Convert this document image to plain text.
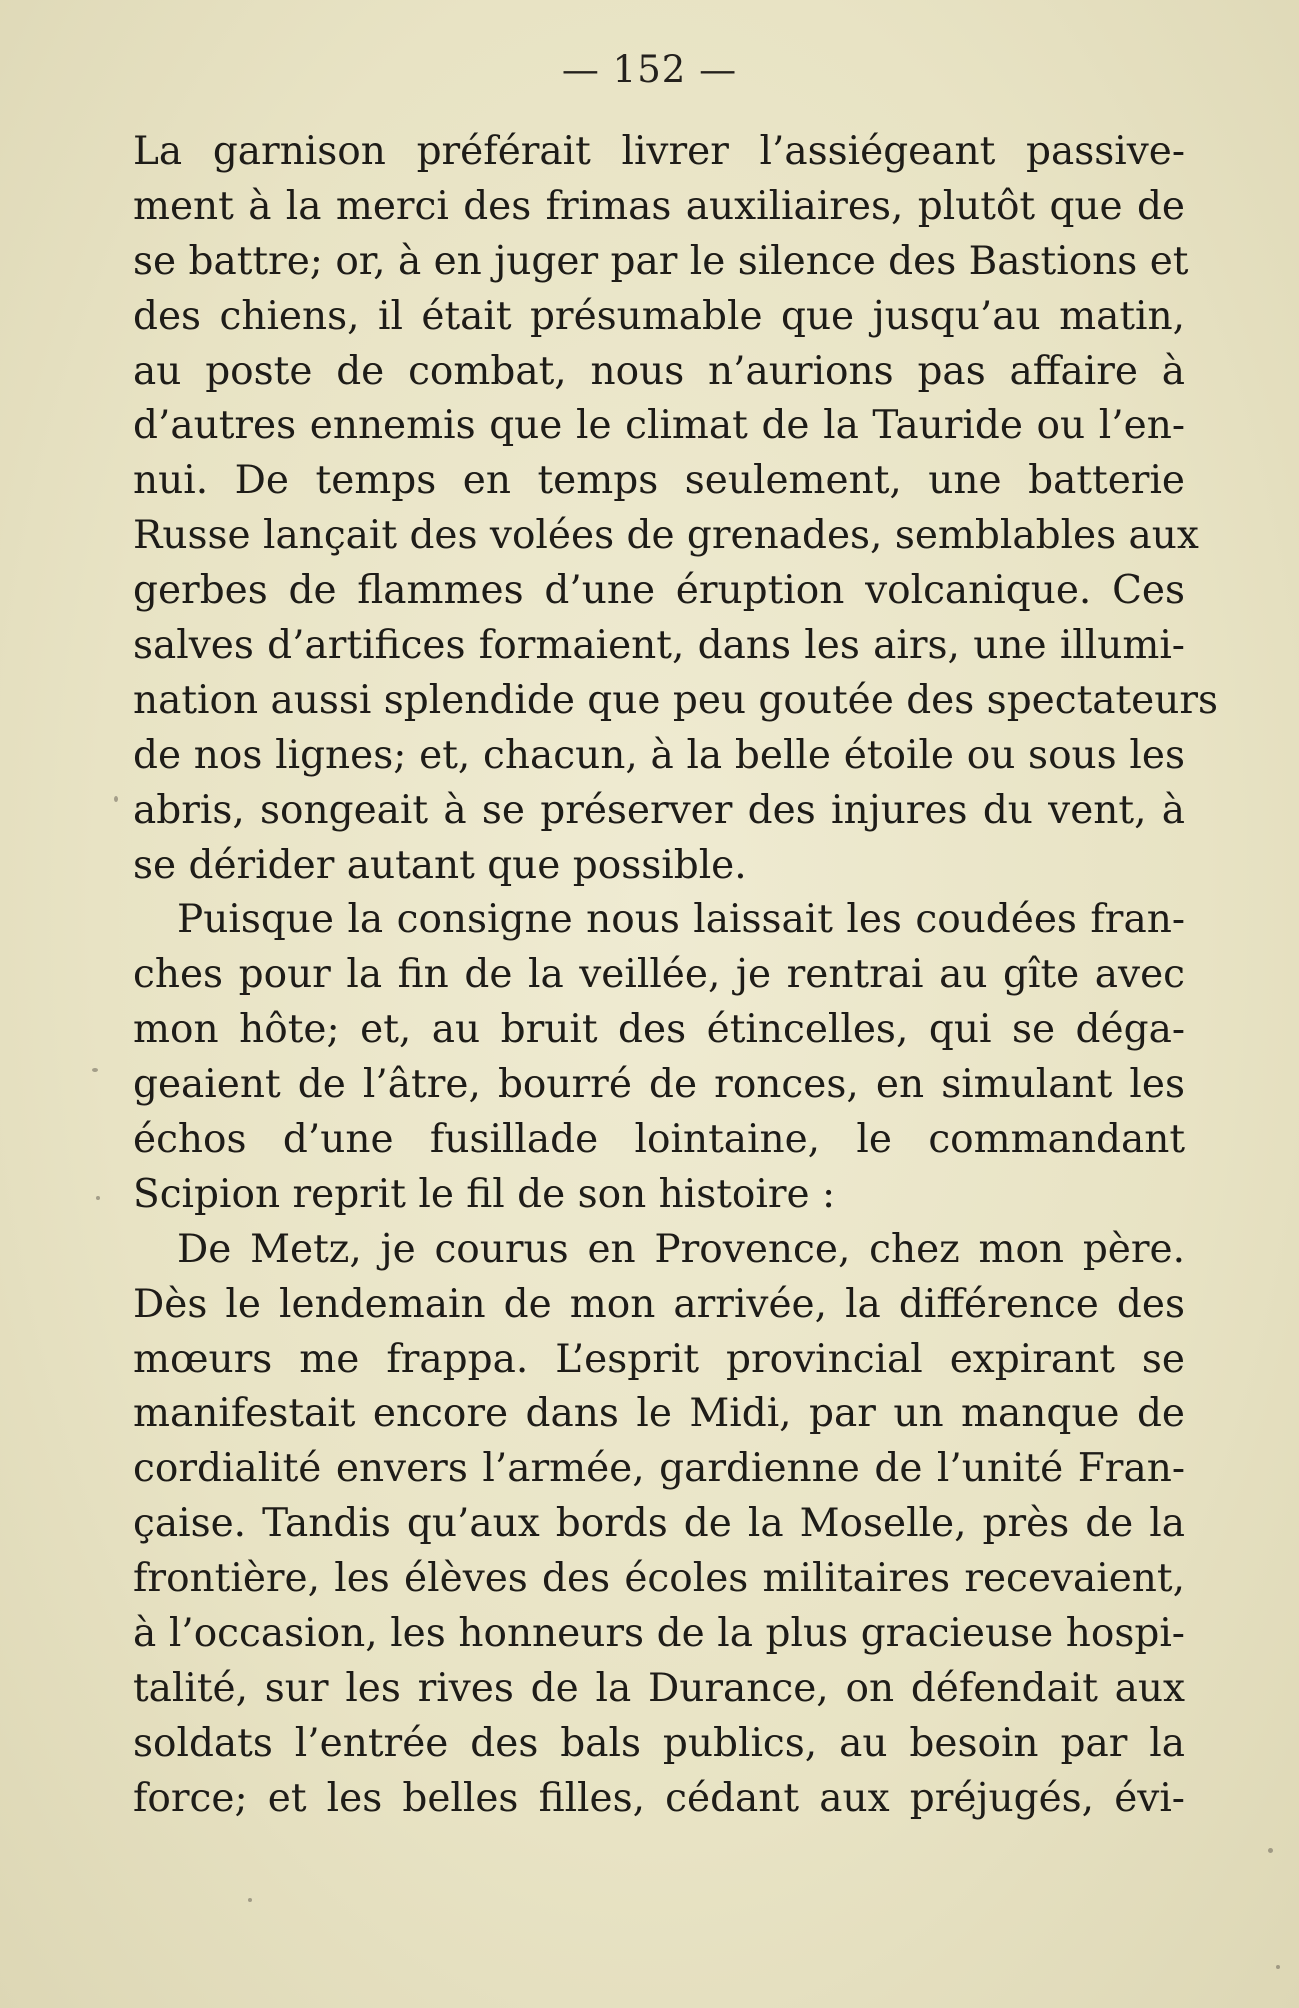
— 152 —
La garnison préférait livrer l’assiégeant passive-
ment à la merci des frimas auxiliaires, plutôt que de
se battre; or, à en juger par le silence des Bastions et
des chiens, il était présumable que jusqu’au matin,
au poste de combat, nous n’aurions pas affaire à
d’autres ennemis que le climat de la Tauride ou l’en-
nui. De temps en temps seulement, une batterie
Russe lançait des volées de grenades, semblables aux
gerbes de flammes d’une éruption volcanique. Ces
salves d’artifices formaient, dans les airs, une illumi-
nation aussi splendide que peu goutée des spectateurs
de nos lignes; et, chacun, à la belle étoile ou sous les
abris, songeait à se préserver des injures du vent, à
se dérider autant que possible.
Puisque la consigne nous laissait les coudées fran-
ches pour la fin de la veillée, je rentrai au gîte avec
mon hôte; et, au bruit des étincelles, qui se déga-
geaient de l’âtre, bourré de ronces, en simulant les
échos d’une fusillade lointaine, le commandant
Scipion reprit le fil de son histoire :
De Metz, je courus en Provence, chez mon père.
Dès le lendemain de mon arrivée, la différence des
mœurs me frappa. L’esprit provincial expirant se
manifestait encore dans le Midi, par un manque de
cordialité envers l’armée, gardienne de l’unité Fran-
çaise. Tandis qu’aux bords de la Moselle, près de la
frontière, les élèves des écoles militaires recevaient,
à l’occasion, les honneurs de la plus gracieuse hospi-
talité, sur les rives de la Durance, on défendait aux
soldats l’entrée des bals publics, au besoin par la
force; et les belles filles, cédant aux préjugés, évi-
